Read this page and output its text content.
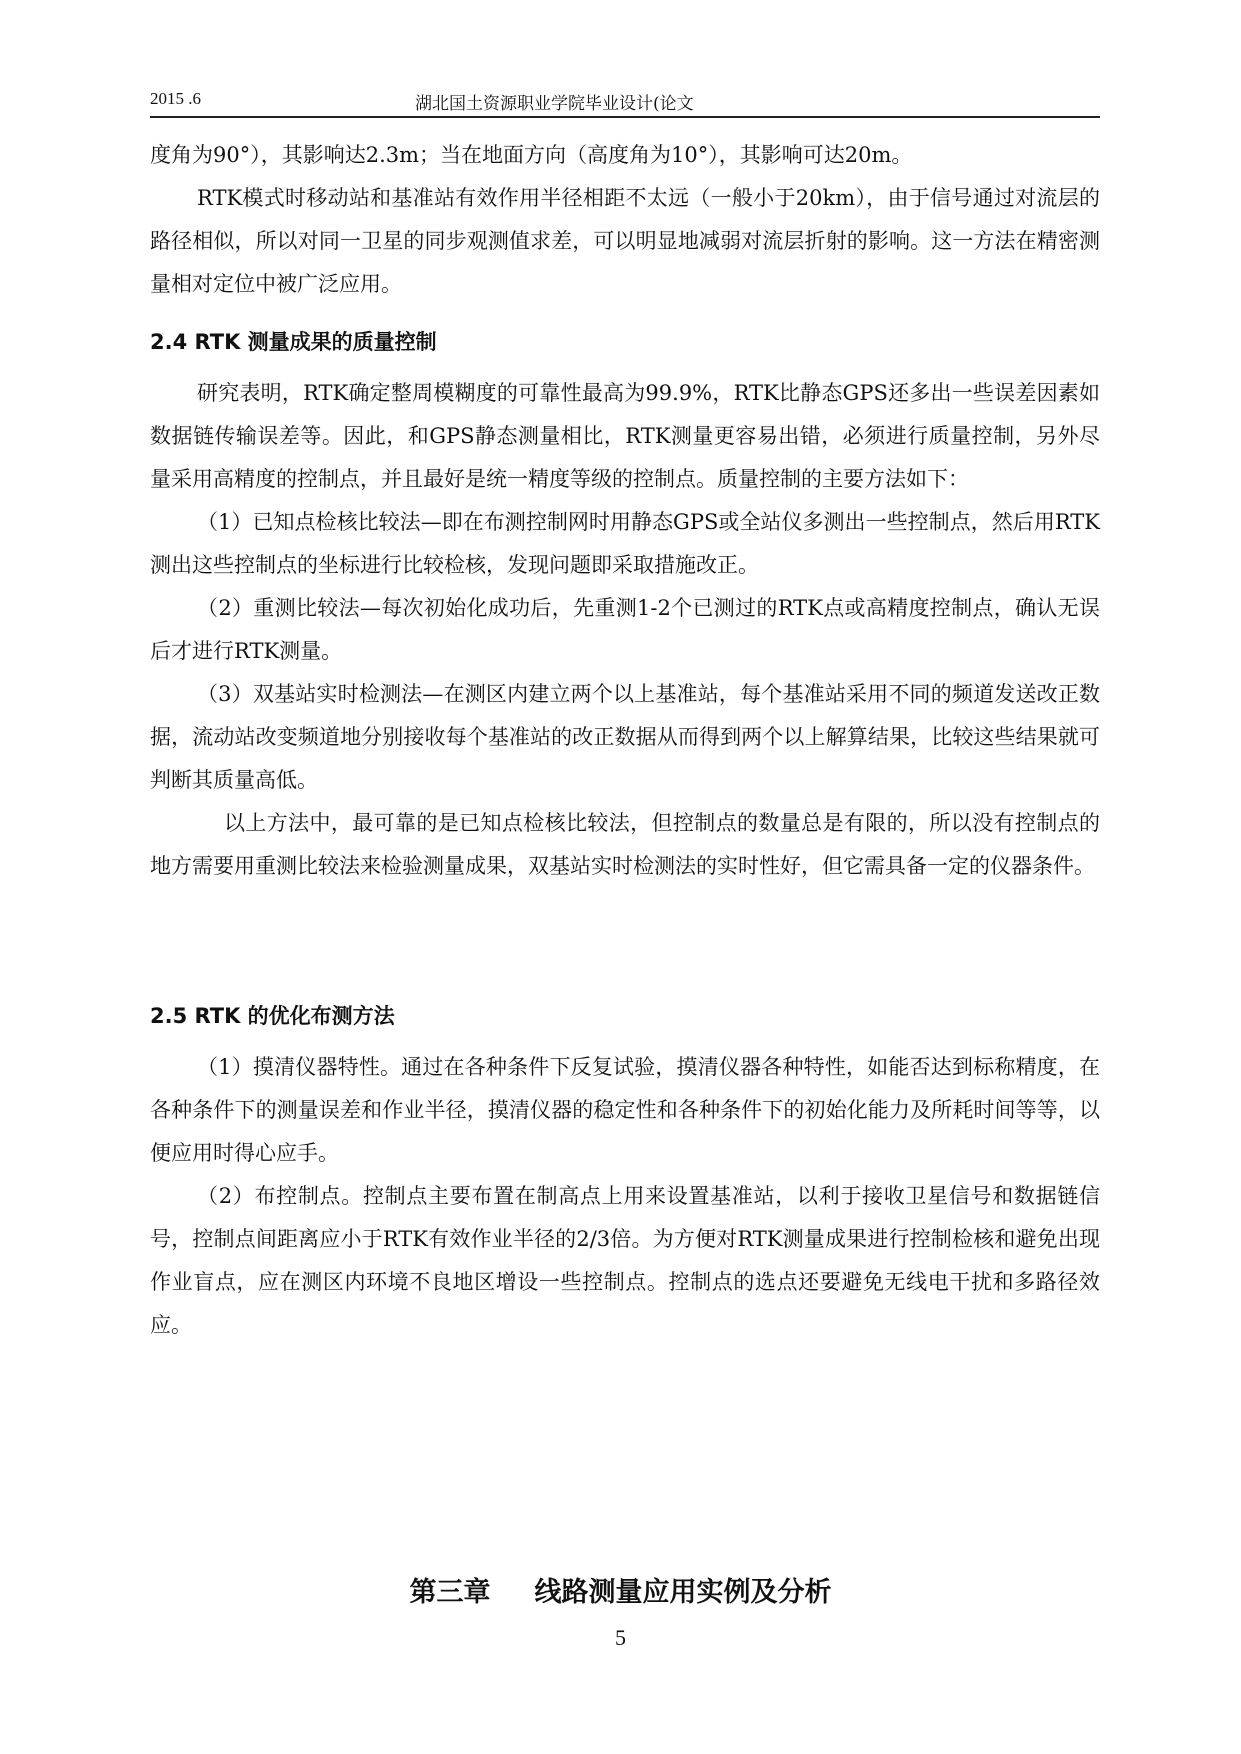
2015 .6	湖北国土资源职业学院毕业设计(论文

度角为90°），其影响达2.3m；当在地面方向（高度角为10°），其影响可达20m。

RTK模式时移动站和基准站有效作用半径相距不太远（一般小于20km），由于信号通过对流层的路径相似，所以对同一卫星的同步观测值求差，可以明显地减弱对流层折射的影响。这一方法在精密测量相对定位中被广泛应用。

2.4 RTK 测量成果的质量控制

研究表明，RTK确定整周模糊度的可靠性最高为99.9%，RTK比静态GPS还多出一些误差因素如数据链传输误差等。因此，和GPS静态测量相比，RTK测量更容易出错，必须进行质量控制，另外尽量采用高精度的控制点，并且最好是统一精度等级的控制点。质量控制的主要方法如下：

（1）已知点检核比较法—即在布测控制网时用静态GPS或全站仪多测出一些控制点，然后用RTK测出这些控制点的坐标进行比较检核，发现问题即采取措施改正。

（2）重测比较法—每次初始化成功后，先重测1-2个已测过的RTK点或高精度控制点，确认无误后才进行RTK测量。

（3）双基站实时检测法—在测区内建立两个以上基准站，每个基准站采用不同的频道发送改正数据，流动站改变频道地分别接收每个基准站的改正数据从而得到两个以上解算结果，比较这些结果就可判断其质量高低。

以上方法中，最可靠的是已知点检核比较法，但控制点的数量总是有限的，所以没有控制点的地方需要用重测比较法来检验测量成果，双基站实时检测法的实时性好，但它需具备一定的仪器条件。

2.5 RTK 的优化布测方法

（1）摸清仪器特性。通过在各种条件下反复试验，摸清仪器各种特性，如能否达到标称精度，在各种条件下的测量误差和作业半径，摸清仪器的稳定性和各种条件下的初始化能力及所耗时间等等，以便应用时得心应手。

（2）布控制点。控制点主要布置在制高点上用来设置基准站，以利于接收卫星信号和数据链信号，控制点间距离应小于RTK有效作业半径的2/3倍。为方便对RTK测量成果进行控制检核和避免出现作业盲点，应在测区内环境不良地区增设一些控制点。控制点的选点还要避免无线电干扰和多路径效应。

第三章 线路测量应用实例及分析
5
